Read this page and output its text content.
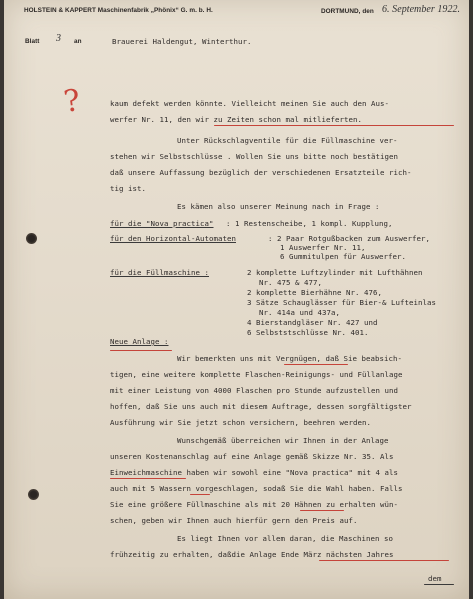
HOLSTEIN & KAPPERT Maschinenfabrik „Phönix“ G. m. b. H.	DORTMUND, den 6. September 1922.
Blatt 3 an	Brauerei Haldengut, Winterthur.
?	kaum defekt werden könnte. Vielleicht meinen Sie auch den Aus-
werfer Nr. 11, den wir zu Zeiten schon mal mitlieferten.
Unter Rückschlagventile für die Füllmaschine ver-
stehen wir Selbstschlüsse . Wollen Sie uns bitte noch bestätigen
daß unsere Auffassung bezüglich der verschiedenen Ersatzteile rich-
tig ist.
Es kämen also unserer Meinung nach in Frage :
für die "Nova practica" : 1 Restenscheibe, 1 kompl. Kupplung,
für den Horizontal-Automaten	: 2 Paar Rotgußbacken zum Auswerfer,
1 Auswerfer Nr. 11,
6 Gummitulpen für Auswerfer.
für die Füllmaschine :	2 komplette Luftzylinder mit Lufthähnen
Nr. 475 & 477,
2 komplette Bierhähne Nr. 476,
3 Sätze Schauglässer für Bier-& Lufteinlas
Nr. 414a und 437a,
4 Bierstandgläser Nr. 427 und
6 Selbststschlüsse Nr. 401.
Neue Anlage :
Wir bemerkten uns mit Vergnügen, daß Sie beabsich-
tigen, eine weitere komplette Flaschen-Reinigungs- und Füllanlage
mit einer Leistung von 4000 Flaschen pro Stunde aufzustellen und
hoffen, daß Sie uns auch mit diesem Auftrage, dessen sorgfältigster
Ausführung wir Sie jetzt schon versichern, beehren werden.
Wunschgemäß überreichen wir Ihnen in der Anlage
unseren Kostenanschlag auf eine Anlage gemäß Skizze Nr. 35. Als
Einweichmaschine haben wir sowohl eine "Nova practica" mit 4 als
auch mit 5 Wassern vorgeschlagen, sodaß Sie die Wahl haben. Falls
Sie eine größere Füllmaschine als mit 20 Hähnen zu erhalten wün-
schen, geben wir Ihnen auch hierfür gern den Preis auf.
Es liegt Ihnen vor allem daran, die Maschinen so
frühzeitig zu erhalten, daßdie Anlage Ende März nächsten Jahres
dem
